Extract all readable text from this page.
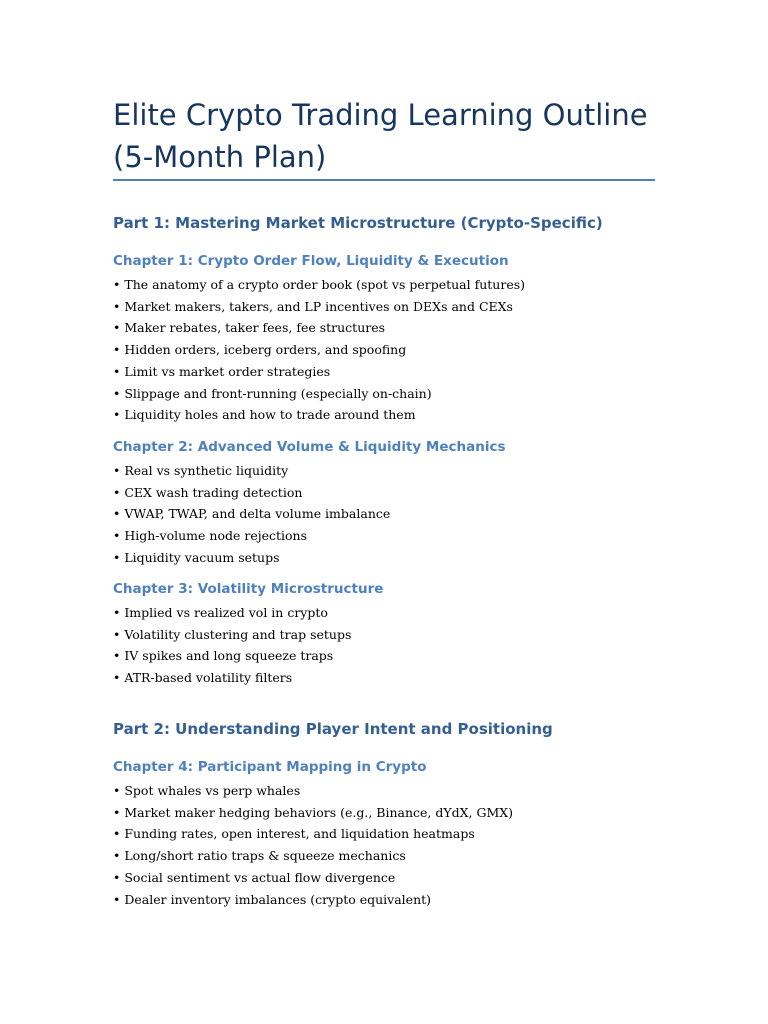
Elite Crypto Trading Learning Outline (5-Month Plan)
Part 1: Mastering Market Microstructure (Crypto-Specific)
Chapter 1: Crypto Order Flow, Liquidity & Execution
• The anatomy of a crypto order book (spot vs perpetual futures)
• Market makers, takers, and LP incentives on DEXs and CEXs
• Maker rebates, taker fees, fee structures
• Hidden orders, iceberg orders, and spoofing
• Limit vs market order strategies
• Slippage and front-running (especially on-chain)
• Liquidity holes and how to trade around them
Chapter 2: Advanced Volume & Liquidity Mechanics
• Real vs synthetic liquidity
• CEX wash trading detection
• VWAP, TWAP, and delta volume imbalance
• High-volume node rejections
• Liquidity vacuum setups
Chapter 3: Volatility Microstructure
• Implied vs realized vol in crypto
• Volatility clustering and trap setups
• IV spikes and long squeeze traps
• ATR-based volatility filters
Part 2: Understanding Player Intent and Positioning
Chapter 4: Participant Mapping in Crypto
• Spot whales vs perp whales
• Market maker hedging behaviors (e.g., Binance, dYdX, GMX)
• Funding rates, open interest, and liquidation heatmaps
• Long/short ratio traps & squeeze mechanics
• Social sentiment vs actual flow divergence
• Dealer inventory imbalances (crypto equivalent)
